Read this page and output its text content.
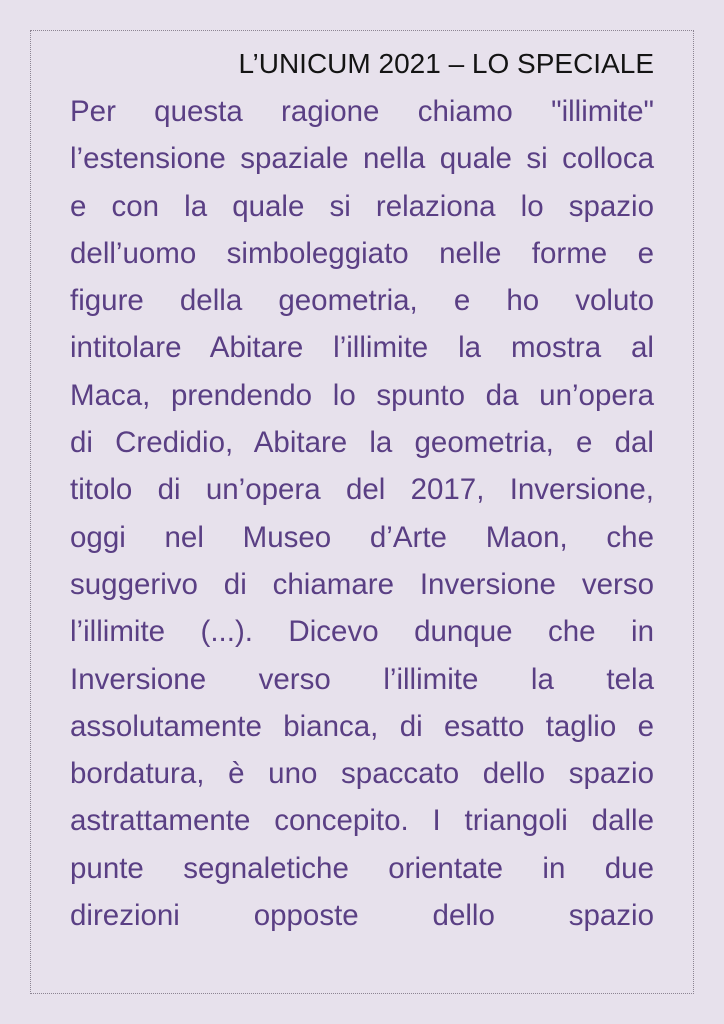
L’UNICUM 2021 – LO SPECIALE
Per questa ragione chiamo "illimite"
l’estensione spaziale nella quale si colloca
e con la quale si relaziona lo spazio
dell’uomo simboleggiato nelle forme e
figure della geometria, e ho voluto
intitolare Abitare l’illimite la mostra al
Maca, prendendo lo spunto da un’opera
di Credidio, Abitare la geometria, e dal
titolo di un’opera del 2017, Inversione,
oggi nel Museo d’Arte Maon, che
suggerivo di chiamare Inversione verso
l’illimite (...). Dicevo dunque che in
Inversione verso l’illimite la tela
assolutamente bianca, di esatto taglio e
bordatura, è uno spaccato dello spazio
astrattamente concepito. I triangoli dalle
punte segnaletiche orientate in due
direzioni opposte dello spazio
